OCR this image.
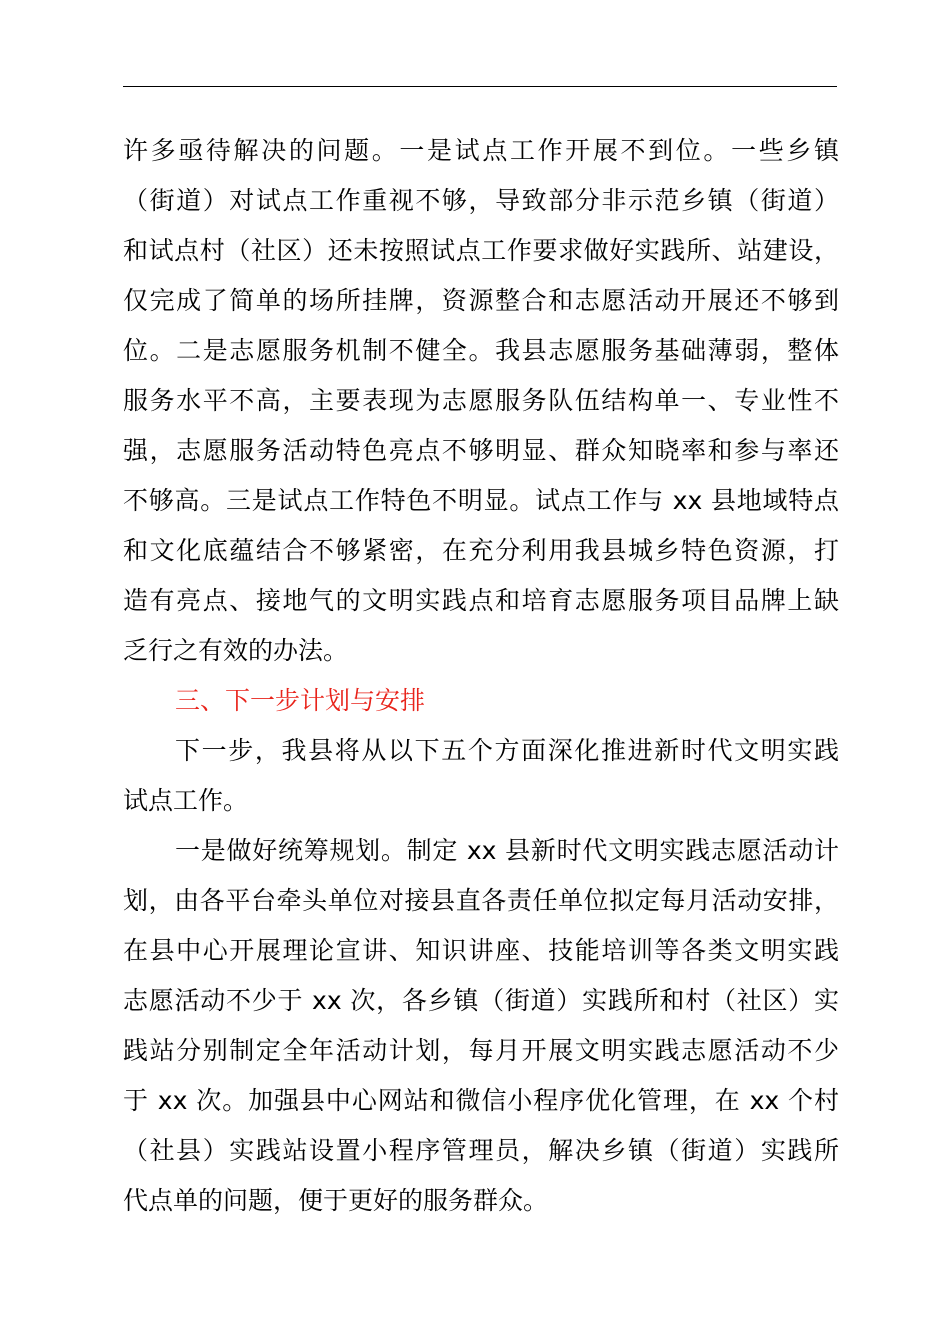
许多亟待解决的问题。一是试点工作开展不到位。一些乡镇
（街道）对试点工作重视不够，导致部分非示范乡镇（街道）
和试点村（社区）还未按照试点工作要求做好实践所、站建设，
仅完成了简单的场所挂牌，资源整合和志愿活动开展还不够到
位。二是志愿服务机制不健全。我县志愿服务基础薄弱，整体
服务水平不高，主要表现为志愿服务队伍结构单一、专业性不
强，志愿服务活动特色亮点不够明显、群众知晓率和参与率还
不够高。三是试点工作特色不明显。试点工作与 xx 县地域特点
和文化底蕴结合不够紧密，在充分利用我县城乡特色资源，打
造有亮点、接地气的文明实践点和培育志愿服务项目品牌上缺
乏行之有效的办法。
三、下一步计划与安排
下一步，我县将从以下五个方面深化推进新时代文明实践
试点工作。
一是做好统筹规划。制定 xx 县新时代文明实践志愿活动计
划，由各平台牵头单位对接县直各责任单位拟定每月活动安排，
在县中心开展理论宣讲、知识讲座、技能培训等各类文明实践
志愿活动不少于 xx 次，各乡镇（街道）实践所和村（社区）实
践站分别制定全年活动计划，每月开展文明实践志愿活动不少
于 xx 次。加强县中心网站和微信小程序优化管理，在 xx 个村
（社县）实践站设置小程序管理员，解决乡镇（街道）实践所
代点单的问题，便于更好的服务群众。
